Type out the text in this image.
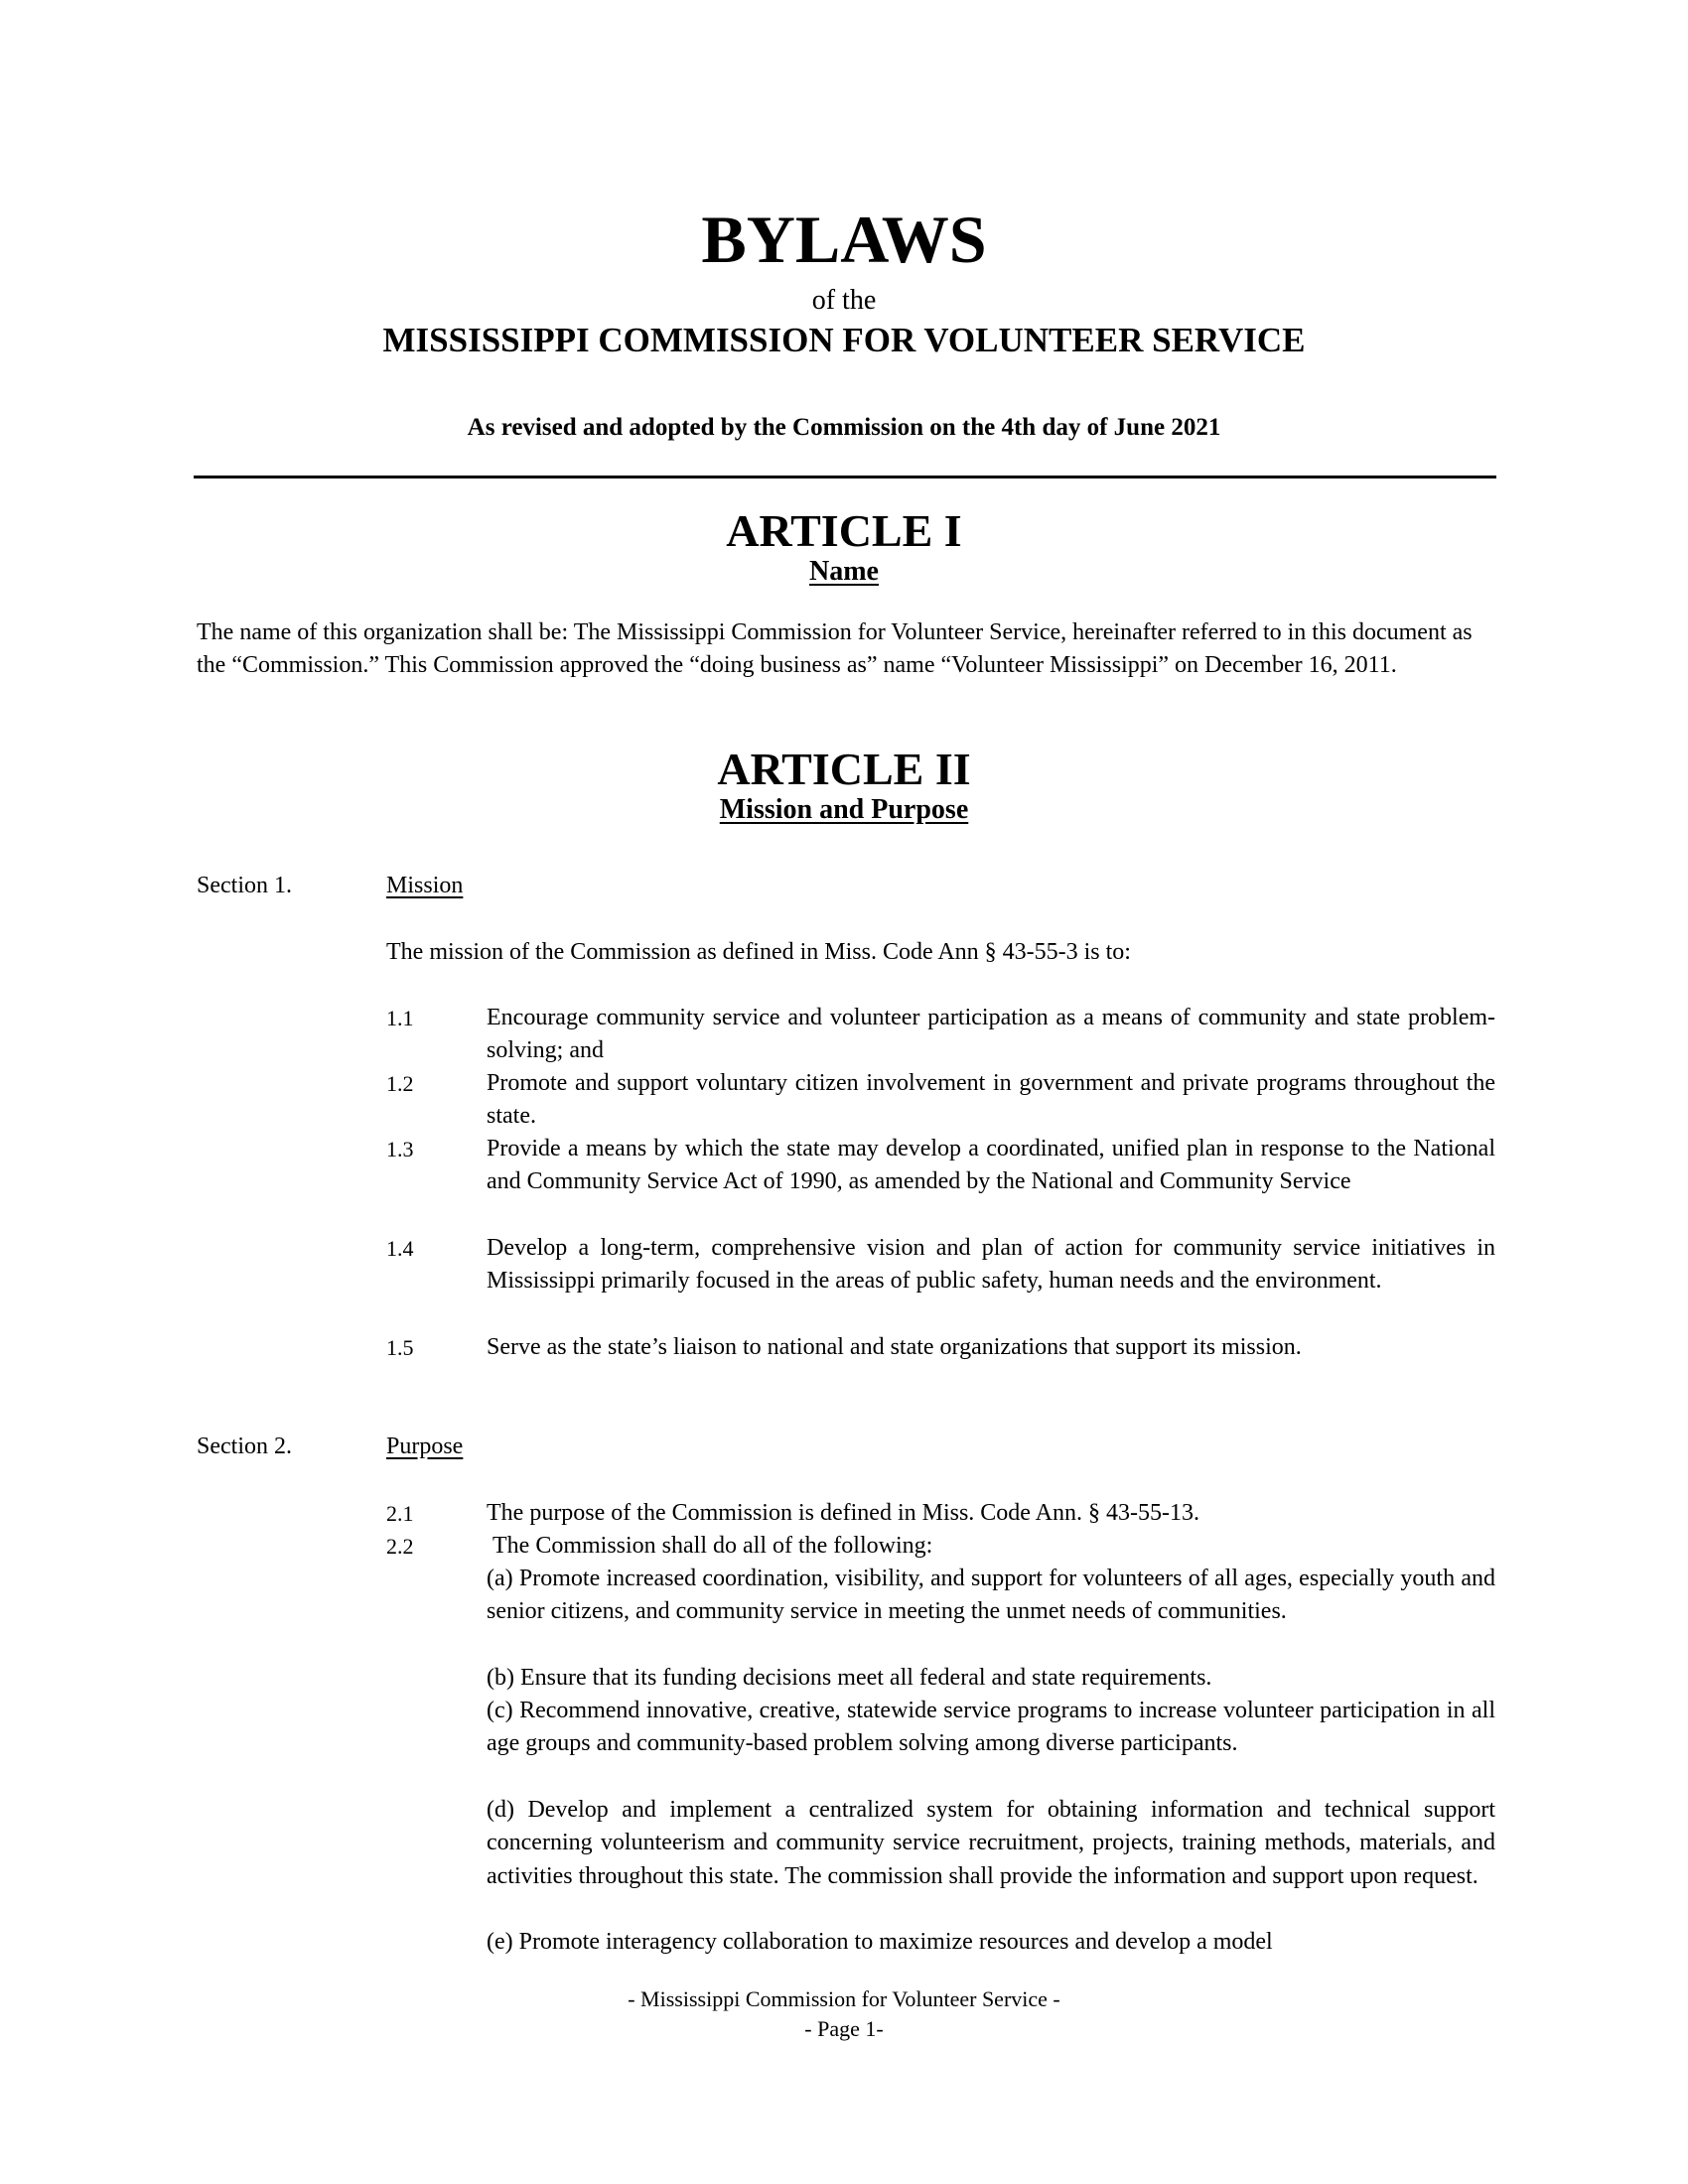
BYLAWS
of the
MISSISSIPPI COMMISSION FOR VOLUNTEER SERVICE
As revised and adopted by the Commission on the 4th day of June 2021
ARTICLE I
Name
The name of this organization shall be: The Mississippi Commission for Volunteer Service, hereinafter referred to in this document as the “Commission.” This Commission approved the “doing business as” name “Volunteer Mississippi” on December 16, 2011.
ARTICLE II
Mission and Purpose
Section 1.	Mission
The mission of the Commission as defined in Miss. Code Ann § 43-55-3 is to:
1.1	Encourage community service and volunteer participation as a means of community and state problem-solving; and
1.2	Promote and support voluntary citizen involvement in government and private programs throughout the state.
1.3	Provide a means by which the state may develop a coordinated, unified plan in response to the National and Community Service Act of 1990, as amended by the National and Community Service
1.4	Develop a long-term, comprehensive vision and plan of action for community service initiatives in Mississippi primarily focused in the areas of public safety, human needs and the environment.
1.5	Serve as the state’s liaison to national and state organizations that support its mission.
Section 2.	Purpose
2.1	The purpose of the Commission is defined in Miss. Code Ann. § 43-55-13.
2.2	The Commission shall do all of the following:
(a) Promote increased coordination, visibility, and support for volunteers of all ages, especially youth and senior citizens, and community service in meeting the unmet needs of communities.
(b) Ensure that its funding decisions meet all federal and state requirements.
(c) Recommend innovative, creative, statewide service programs to increase volunteer participation in all age groups and community-based problem solving among diverse participants.
(d) Develop and implement a centralized system for obtaining information and technical support concerning volunteerism and community service recruitment, projects, training methods, materials, and activities throughout this state. The commission shall provide the information and support upon request.
(e) Promote interagency collaboration to maximize resources and develop a model
- Mississippi Commission for Volunteer Service -
- Page 1-
